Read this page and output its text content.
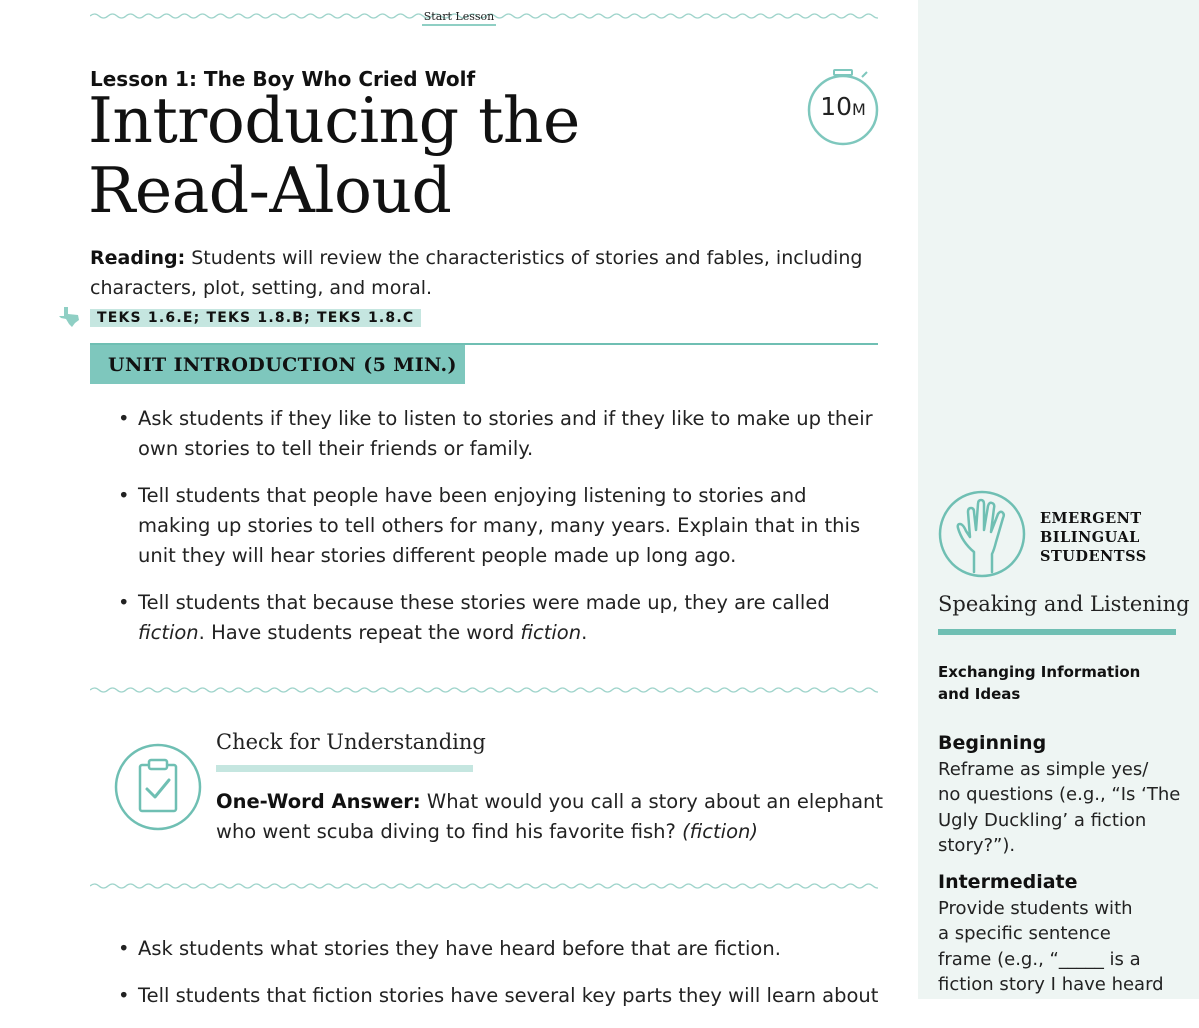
Start Lesson
Lesson 1: The Boy Who Cried Wolf
Introducing the
Read-Aloud
10M
Reading: Students will review the characteristics of stories and fables, including characters, plot, setting, and moral.
TEKS 1.6.E; TEKS 1.8.B; TEKS 1.8.C
UNIT INTRODUCTION (5 MIN.)
• Ask students if they like to listen to stories and if they like to make up their own stories to tell their friends or family.
• Tell students that people have been enjoying listening to stories and making up stories to tell others for many, many years. Explain that in this unit they will hear stories different people made up long ago.
• Tell students that because these stories were made up, they are called fiction. Have students repeat the word fiction.
Check for Understanding
One-Word Answer: What would you call a story about an elephant who went scuba diving to find his favorite fish? (fiction)
• Ask students what stories they have heard before that are fiction.
• Tell students that fiction stories have several key parts they will learn about
EMERGENT
BILINGUAL
STUDENTSS
Speaking and Listening
Exchanging Information and Ideas
Beginning
Reframe as simple yes/
no questions (e.g., “Is ‘The
Ugly Duckling’ a fiction
story?”).
Intermediate
Provide students with
a specific sentence
frame (e.g., “_____ is a
fiction story I have heard
